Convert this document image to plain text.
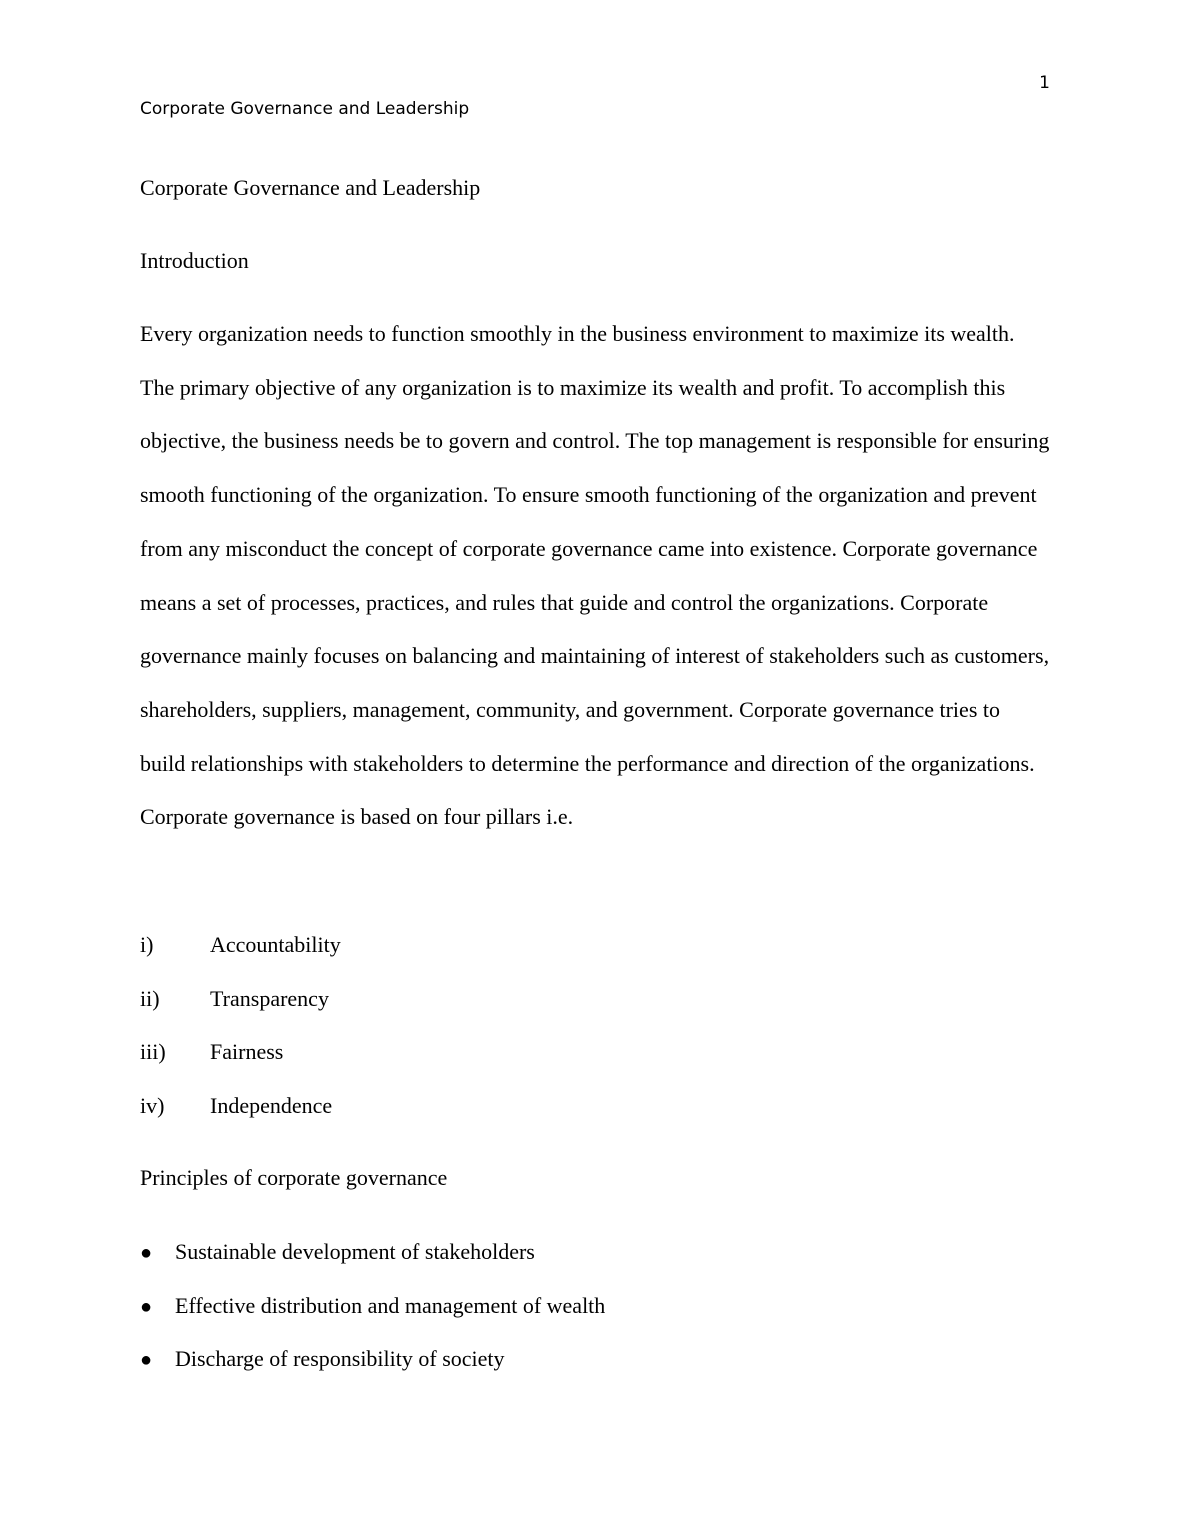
1
Corporate Governance and Leadership
Corporate Governance and Leadership
Introduction

Every organization needs to function smoothly in the business environment to maximize its wealth. The primary objective of any organization is to maximize its wealth and profit. To accomplish this objective, the business needs be to govern and control. The top management is responsible for ensuring smooth functioning of the organization. To ensure smooth functioning of the organization and prevent from any misconduct the concept of corporate governance came into existence. Corporate governance means a set of processes, practices, and rules that guide and control the organizations. Corporate governance mainly focuses on balancing and maintaining of interest of stakeholders such as customers, shareholders, suppliers, management, community, and government. Corporate governance tries to build relationships with stakeholders to determine the performance and direction of the organizations. Corporate governance is based on four pillars i.e.

i)	Accountability
ii) Transparency
iii) Fairness
iv) Independence
Principles of corporate governance
● Sustainable development of stakeholders
● Effective distribution and management of wealth
● Discharge of responsibility of society
